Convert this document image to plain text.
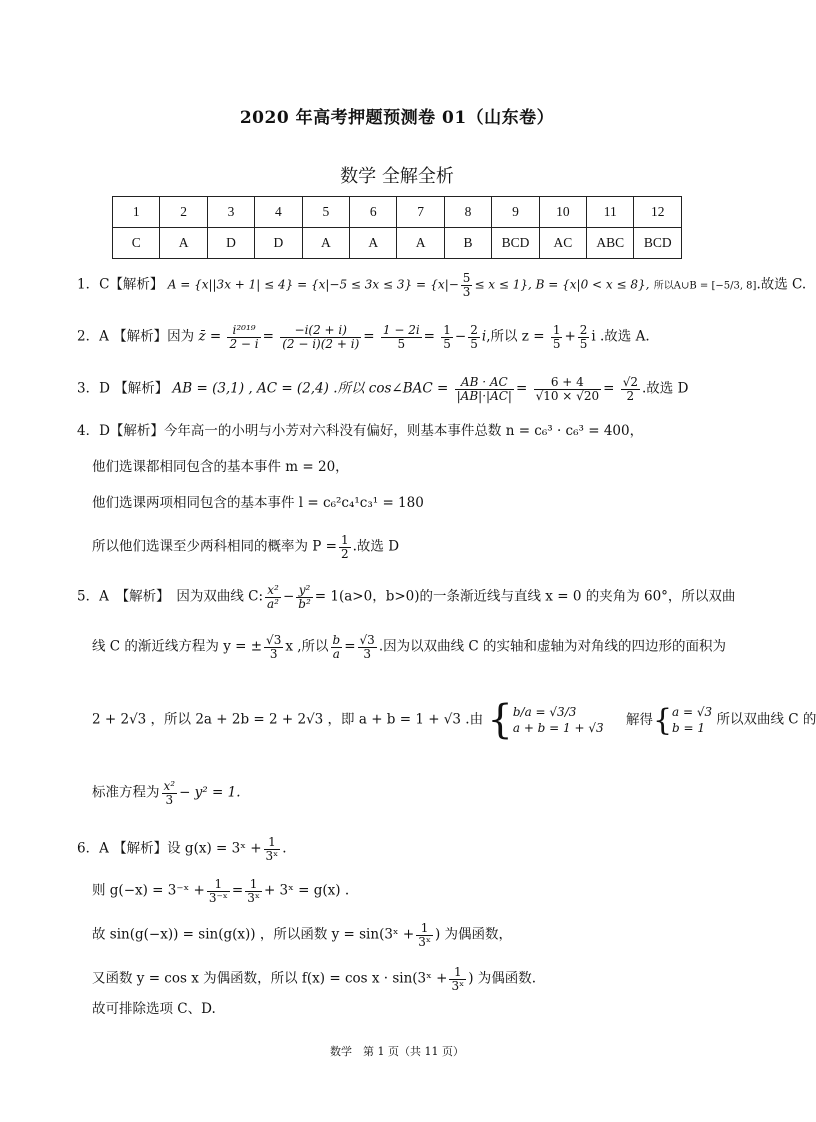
2020 年高考押题预测卷 01（山东卷）
数学 全解全析
1	2	3	4	5	6	7	8	9	10	11	12
C	A	D	D	A	A	A	B	BCD	AC	ABC	BCD
1．C【解析】 $A = \{x||3x + 1| \le 4\} = \{x|-5 \le 3x \le 3\} = \{x|- \frac{5}{3} \le x \le 1\}$, B = {x|0 < x ≤ 8}, 所以A∪B = [−5/3, 8].故选 C.
2．A 【解析】因为 z̄ = $\frac{\text{i²⁰¹⁹}}{2 - i} = \frac{-i(2 + i)}{(2 - i)(2 + i)} = \frac{1 - 2i}{5} = \frac{1}{5} - \frac{2}{5} i$,所以 $z = \frac{1}{5} + \frac{2}{5}$ i .故选 A.
3．D 【解析】 AB = (3,1) , AC = (2,4) .所以 cos∠BAC = $\frac{AB \cdot AC}{|AB|\cdot|AC|} = \frac{6 + 4}{√10 \times √20} = \frac{√2}{2}$ .故选 D
4．D【解析】今年高一的小明与小芳对六科没有偏好，则基本事件总数 n = c₆³ · c₆³ = 400，
他们选课都相同包含的基本事件 m = 20，
他们选课两项相同包含的基本事件 l = c₆²c₄¹c₃¹ = 180
所以他们选课至少两科相同的概率为 $P = \frac{1}{2}$ .故选 D
5．A　【解析】　因为双曲线 C: $\frac{\text{x²}}{\text{a²}} - \frac{\text{y²}}{\text{b²}} = 1(a>0$，b>0)的一条渐近线与直线 x = 0 的夹角为 60°，所以双曲
线 C 的渐近线方程为 y = ± $\frac{√3}{3}$ x ,所以 $\frac{b}{a} = \frac{√3}{3}$ .因为以双曲线 C 的实轴和虚轴为对角线的四边形的面积为
2 + 2√3 ，所以 2a + 2b = 2 + 2√3 ，即 a + b = 1 + √3 .由 { b/a = √3/3
a + b = 1 + √3
解得{ a = √3
b = 1
所以双曲线 C 的
标准方程为 $\frac{\text{x²}}{3} - y^2 = 1$.
6．A 【解析】设 g(x) = 3ˣ + $\frac{1}{\text{3ˣ}}$ .
则 g(−x) = 3⁻ˣ + $\frac{1}{\text{3⁻ˣ}} = \frac{1}{\text{3ˣ}}$ + 3ˣ = g(x) .
故 sin(g(−x)) = sin(g(x)) ，所以函数 y = sin(3ˣ + $\frac{1}{\text{3ˣ}}$ ) 为偶函数，
又函数 y = cos x 为偶函数，所以 f(x) = cos x · sin(3ˣ + $\frac{1}{\text{3ˣ}}$ ) 为偶函数.
故可排除选项 C、D.
数学　第 1 页（共 11 页）
